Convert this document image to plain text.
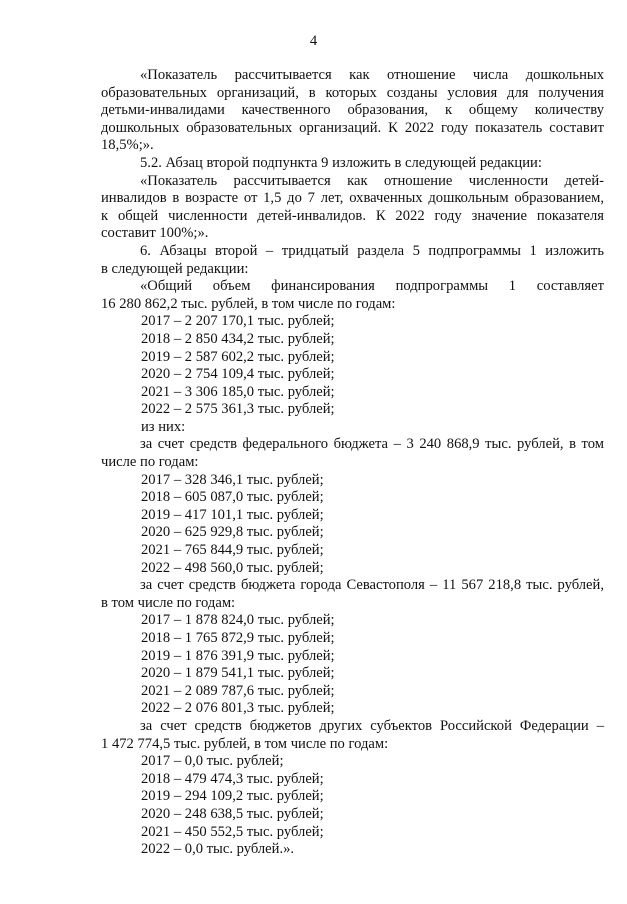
4
«Показатель рассчитывается как отношение числа дошкольных
образовательных организаций, в которых созданы условия для получения
детьми-инвалидами качественного образования, к общему количеству
дошкольных образовательных организаций. К 2022 году показатель составит
18,5%;».
5.2. Абзац второй подпункта 9 изложить в следующей редакции:
«Показатель рассчитывается как отношение численности детей-
инвалидов в возрасте от 1,5 до 7 лет, охваченных дошкольным образованием,
к общей численности детей-инвалидов. К 2022 году значение показателя
составит 100%;».
6. Абзацы второй – тридцатый раздела 5 подпрограммы 1 изложить
в следующей редакции:
«Общий объем финансирования подпрограммы 1 составляет
16 280 862,2 тыс. рублей, в том числе по годам:
2017 – 2 207 170,1 тыс. рублей;
2018 – 2 850 434,2 тыс. рублей;
2019 – 2 587 602,2 тыс. рублей;
2020 – 2 754 109,4 тыс. рублей;
2021 – 3 306 185,0 тыс. рублей;
2022 – 2 575 361,3 тыс. рублей;
из них:
за счет средств федерального бюджета – 3 240 868,9 тыс. рублей, в том
числе по годам:
2017 – 328 346,1 тыс. рублей;
2018 – 605 087,0 тыс. рублей;
2019 – 417 101,1 тыс. рублей;
2020 – 625 929,8 тыс. рублей;
2021 – 765 844,9 тыс. рублей;
2022 – 498 560,0 тыс. рублей;
за счет средств бюджета города Севастополя – 11 567 218,8 тыс. рублей,
в том числе по годам:
2017 – 1 878 824,0 тыс. рублей;
2018 – 1 765 872,9 тыс. рублей;
2019 – 1 876 391,9 тыс. рублей;
2020 – 1 879 541,1 тыс. рублей;
2021 – 2 089 787,6 тыс. рублей;
2022 – 2 076 801,3 тыс. рублей;
за счет средств бюджетов других субъектов Российской Федерации –
1 472 774,5 тыс. рублей, в том числе по годам:
2017 – 0,0 тыс. рублей;
2018 – 479 474,3 тыс. рублей;
2019 – 294 109,2 тыс. рублей;
2020 – 248 638,5 тыс. рублей;
2021 – 450 552,5 тыс. рублей;
2022 – 0,0 тыс. рублей.».
